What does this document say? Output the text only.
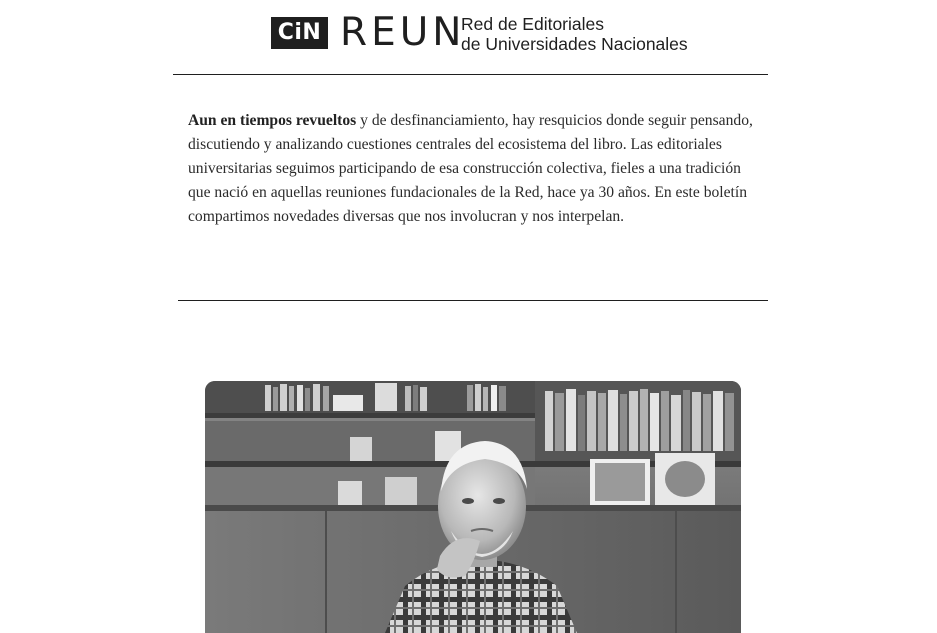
CiN REUN
Red de Editoriales
de Universidades Nacionales

Aun en tiempos revueltos y de desfinanciamiento, hay resquicios donde seguir pensando, discutiendo y analizando cuestiones centrales del ecosistema del libro. Las editoriales universitarias seguimos participando de esa construcción colectiva, fieles a una tradición que nació en aquellas reuniones fundacionales de la Red, hace ya 30 años. En este boletín compartimos novedades diversas que nos involucran y nos interpelan.
